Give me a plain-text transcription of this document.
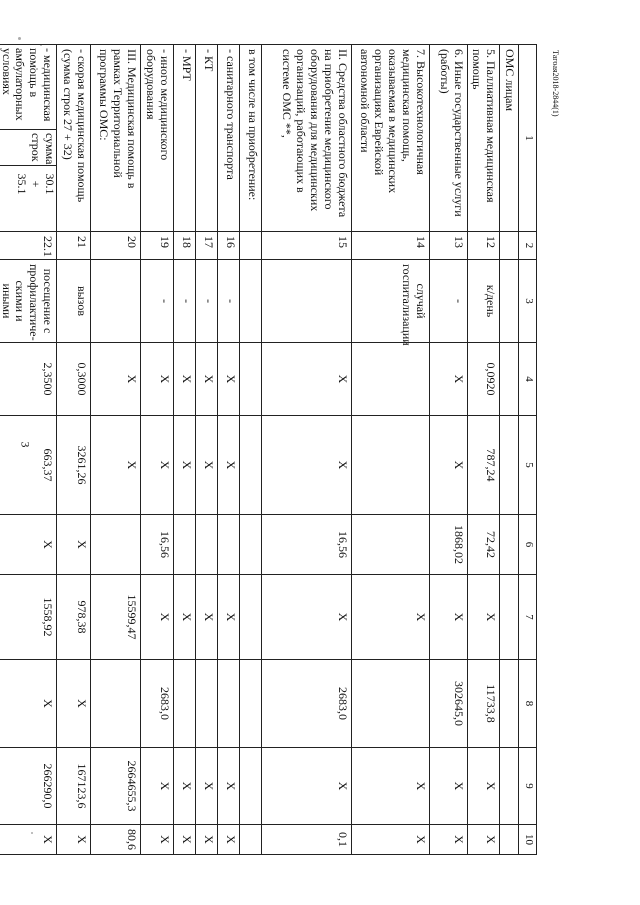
3
Тагоая2018-2844(1)
1	2	3	4	5	6	7	8	9	10
ОМС лицам									
5. Паллиативная медицинская помощь	12	к/день	0,0920	787,24	72,42	X	11733,8	X	X
6. Иные государственные услуги (работы)	13	-	X	X	1868,02	X	302645,0	X	X
7. Высокотехнологичная медицинская помощь, оказываемая в медицинских организациях Еврейской автономной области	14	случай госпитализации				X		X	X
II. Средства областного бюджета на приобретение медицинского оборудования для медицинских организаций, работающих в системе ОМС **,	15		X	X	16,56	X	2683,0	X	0,1
в том числе на приобретение:									
- санитарного транспорта	16	-	X	X		X		X	X
- КТ	17	-	X	X		X		X	X
- МРТ	18	-	X	X		X		X	X
- иного медицинского оборудования	19	-	X	X	16,56	X	2683,0	X	X
III. Медицинская помощь в рамках Территориальной программы ОМС:	20		X	X		15599,47		2664655,3	80,6
- скорая медицинская помощь (сумма строк 27 + 32)	21	вызов	0,3000	3261,26	X	978,38	X	167123,6	X

- медицинская помощь в амбулаторных условиях
сумма строк
30.1
+
35.1	22.1	посещение с профилактиче-скими и иными	2,3500	663,37	X	1558,92	X	266290,0	X
